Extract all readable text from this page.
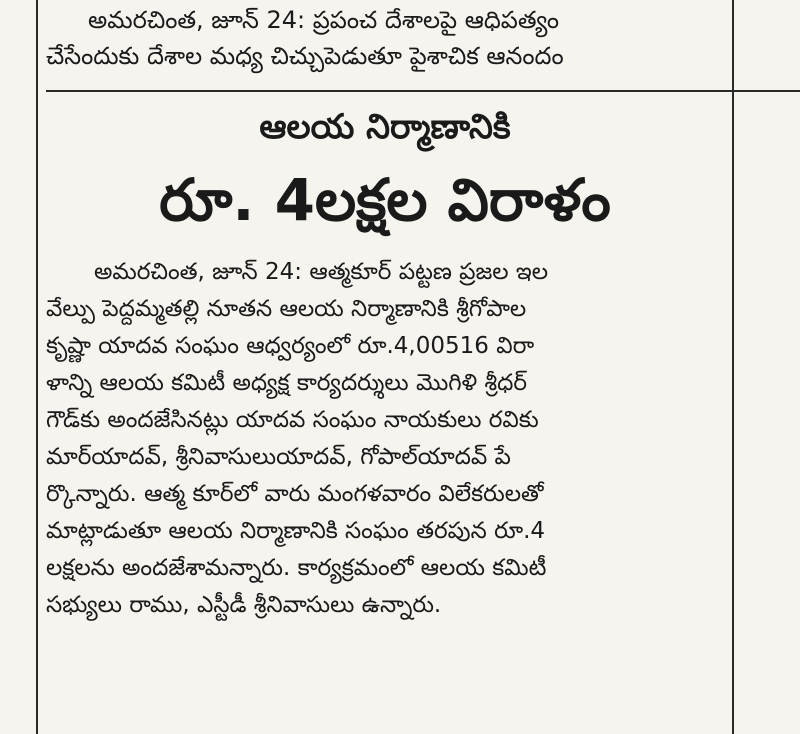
అమరచింత, జూన్ 24: ప్రపంచ దేశాలపై ఆధిపత్యం

చేసేందుకు దేశాల మధ్య చిచ్చుపెడుతూ పైశాచిక ఆనందం

ఆలయ నిర్మాణానికి
రూ. 4లక్షల విరాళం

అమరచింత, జూన్ 24: ఆత్మకూర్ పట్టణ ప్రజల ఇల

వేల్పు పెద్దమ్మతల్లి నూతన ఆలయ నిర్మాణానికి శ్రీగోపాల

కృష్ణా యాదవ సంఘం ఆధ్వర్యంలో రూ.4,00516 విరా

ళాన్ని ఆలయ కమిటీ అధ్యక్ష కార్యదర్శులు మొగిళి శ్రీధర్

గౌడ్‌కు అందజేసినట్లు యాదవ సంఘం నాయకులు రవికు

మార్‌యాదవ్, శ్రీనివాసులుయాదవ్, గోపాల్‌యాదవ్ పే

ర్కొన్నారు. ఆత్మ కూర్‌లో వారు మంగళవారం విలేకరులతో

మాట్లాడుతూ ఆలయ నిర్మాణానికి సంఘం తరపున రూ.4

లక్షలను అందజేశామన్నారు. కార్యక్రమంలో ఆలయ కమిటీ

సభ్యులు రాము, ఎస్టీడీ శ్రీనివాసులు ఉన్నారు.
